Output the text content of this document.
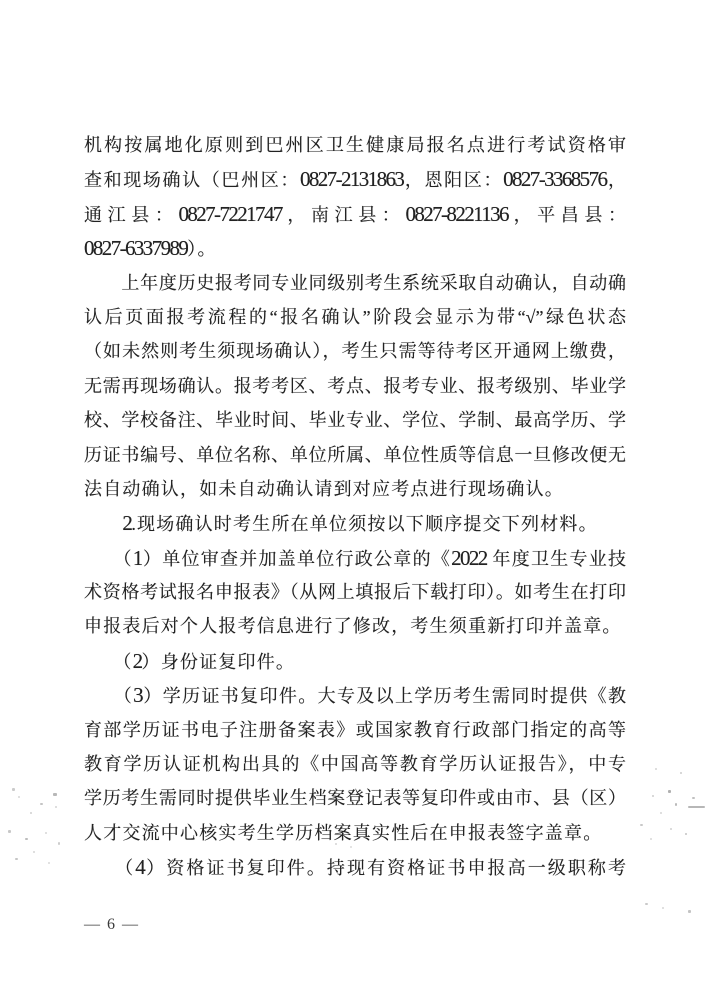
机构按属地化原则到巴州区卫生健康局报名点进行考试资格审
查和现场确认（巴州区：0827-2131863，恩阳区：0827-3368576，
通江县：0827-7221747，南江县：0827-8221136，平昌县：
0827-6337989）。
　　上年度历史报考同专业同级别考生系统采取自动确认，自动确
认后页面报考流程的“报名确认”阶段会显示为带“√”绿色状态
（如未然则考生须现场确认），考生只需等待考区开通网上缴费，
无需再现场确认。报考考区、考点、报考专业、报考级别、毕业学
校、学校备注、毕业时间、毕业专业、学位、学制、最高学历、学
历证书编号、单位名称、单位所属、单位性质等信息一旦修改便无
法自动确认，如未自动确认请到对应考点进行现场确认。
　　2.现场确认时考生所在单位须按以下顺序提交下列材料。
　　（1）单位审查并加盖单位行政公章的《2022 年度卫生专业技
术资格考试报名申报表》（从网上填报后下载打印）。如考生在打印
申报表后对个人报考信息进行了修改，考生须重新打印并盖章。
　　（2）身份证复印件。
　　（3）学历证书复印件。大专及以上学历考生需同时提供《教
育部学历证书电子注册备案表》或国家教育行政部门指定的高等
教育学历认证机构出具的《中国高等教育学历认证报告》，中专
学历考生需同时提供毕业生档案登记表等复印件或由市、县（区）
人才交流中心核实考生学历档案真实性后在申报表签字盖章。
　　（4）资格证书复印件。持现有资格证书申报高一级职称考
— 6 —
